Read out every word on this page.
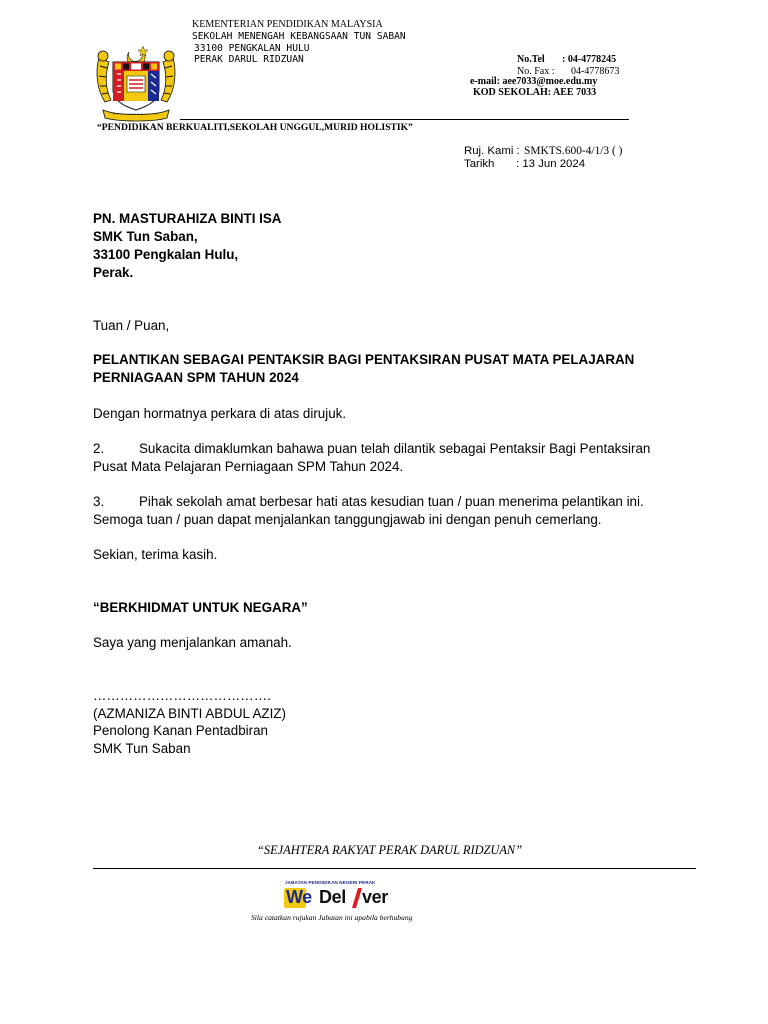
KEMENTERIAN PENDIDIKAN MALAYSIA
SEKOLAH MENENGAH KEBANGSAAN TUN SABAN
33100 PENGKALAN HULU
PERAK DARUL RIDZUAN	No.Tel : 04-4778245
No. Fax : 04-4778673
e-mail: aee7033@moe.edu.my
KOD SEKOLAH: AEE 7033
“PENDIDIKAN BERKUALITI,SEKOLAH UNGGUL,MURID HOLISTIK”
Ruj. Kami : SMKTS.600-4/1/3 ( )
Tarikh : 13 Jun 2024
PN. MASTURAHIZA BINTI ISA
SMK Tun Saban,
33100 Pengkalan Hulu,
Perak.
Tuan / Puan,
PELANTIKAN SEBAGAI PENTAKSIR BAGI PENTAKSIRAN PUSAT MATA PELAJARAN
PERNIAGAAN SPM TAHUN 2024
Dengan hormatnya perkara di atas dirujuk.
2.	Sukacita dimaklumkan bahawa puan telah dilantik sebagai Pentaksir Bagi Pentaksiran
Pusat Mata Pelajaran Perniagaan SPM Tahun 2024.
3.	Pihak sekolah amat berbesar hati atas kesudian tuan / puan menerima pelantikan ini.
Semoga tuan / puan dapat menjalankan tanggungjawab ini dengan penuh cemerlang.
Sekian, terima kasih.
“BERKHIDMAT UNTUK NEGARA”
Saya yang menjalankan amanah.
………………………………….
(AZMANIZA BINTI ABDUL AZIZ)
Penolong Kanan Pentadbiran
SMK Tun Saban
“SEJAHTERA RAKYAT PERAK DARUL RIDZUAN”
JABATAN PENDIDIKAN NEGERI PERAK
We Del ver
Sila catatkan rujukan Jabatan ini apabila berhubung
